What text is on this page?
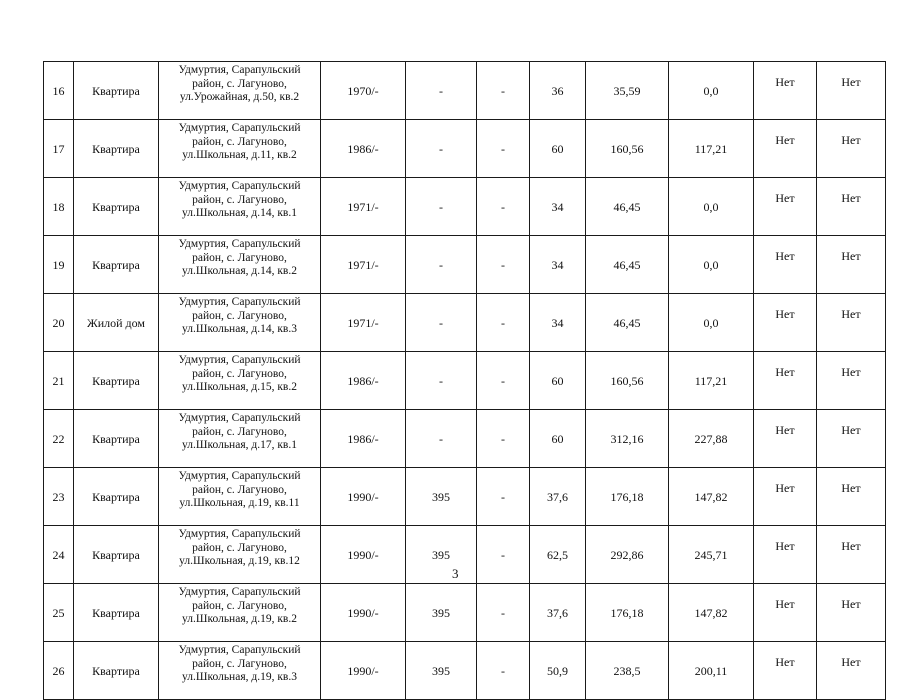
16	Квартира	Удмуртия, Сарапульский
район, с. Лагуново,
ул.Урожайная, д.50, кв.2	1970/-	-	-	36	35,59	0,0	Нет	Нет
17	Квартира	Удмуртия, Сарапульский
район, с. Лагуново,
ул.Школьная, д.11, кв.2	1986/-	-	-	60	160,56	117,21	Нет	Нет
18	Квартира	Удмуртия, Сарапульский
район, с. Лагуново,
ул.Школьная, д.14, кв.1	1971/-	-	-	34	46,45	0,0	Нет	Нет
19	Квартира	Удмуртия, Сарапульский
район, с. Лагуново,
ул.Школьная, д.14, кв.2	1971/-	-	-	34	46,45	0,0	Нет	Нет
20	Жилой дом	Удмуртия, Сарапульский
район, с. Лагуново,
ул.Школьная, д.14, кв.3	1971/-	-	-	34	46,45	0,0	Нет	Нет
21	Квартира	Удмуртия, Сарапульский
район, с. Лагуново,
ул.Школьная, д.15, кв.2	1986/-	-	-	60	160,56	117,21	Нет	Нет
22	Квартира	Удмуртия, Сарапульский
район, с. Лагуново,
ул.Школьная, д.17, кв.1	1986/-	-	-	60	312,16	227,88	Нет	Нет
23	Квартира	Удмуртия, Сарапульский
район, с. Лагуново,
ул.Школьная, д.19, кв.11	1990/-	395	-	37,6	176,18	147,82	Нет	Нет
24	Квартира	Удмуртия, Сарапульский
район, с. Лагуново,
ул.Школьная, д.19, кв.12	1990/-	395	-	62,5	292,86	245,71	Нет	Нет
25	Квартира	Удмуртия, Сарапульский
район, с. Лагуново,
ул.Школьная, д.19, кв.2	1990/-	395	-	37,6	176,18	147,82	Нет	Нет
26	Квартира	Удмуртия, Сарапульский
район, с. Лагуново,
ул.Школьная, д.19, кв.3	1990/-	395	-	50,9	238,5	200,11	Нет	Нет
3
